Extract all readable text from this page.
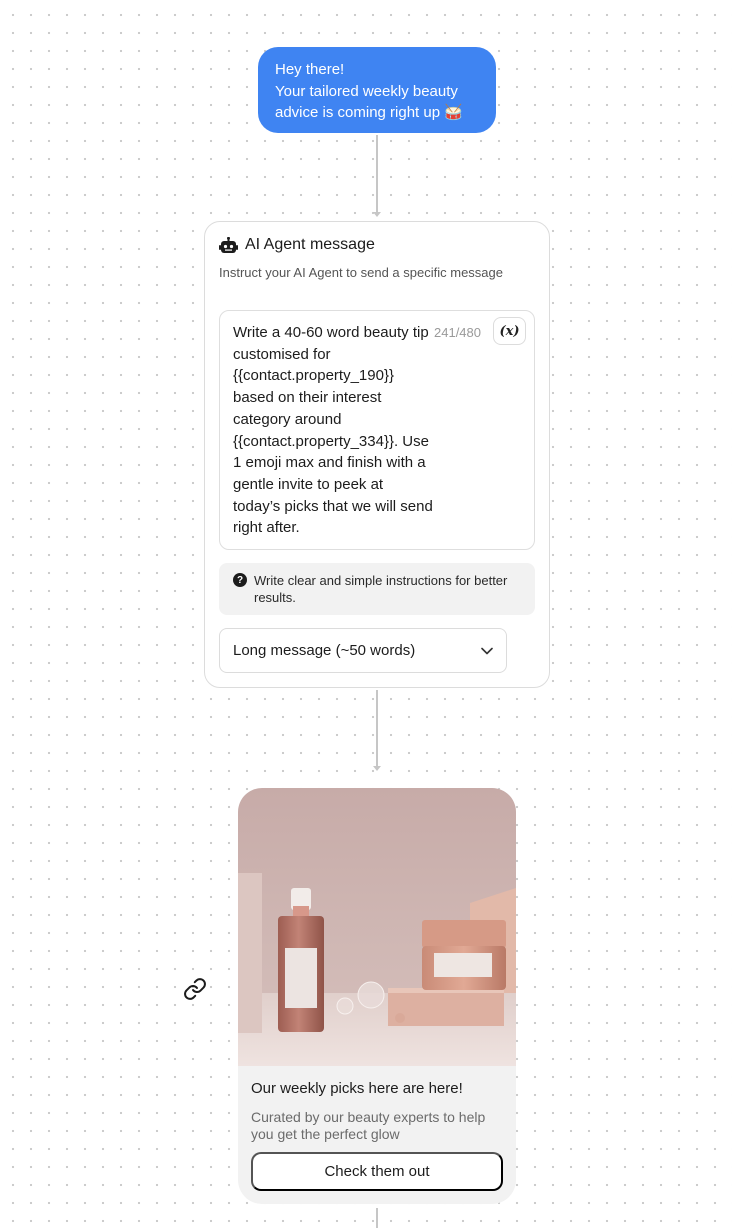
Hey there!
Your tailored weekly beauty
advice is coming right up 🥁
AI Agent message
Instruct your AI Agent to send a specific message
Write a 40-60 word beauty tip customised for {{contact.property_190}} based on their interest category around {{contact.property_334}}. Use 1 emoji max and finish with a gentle invite to peek at today’s picks that we will send right after.
241/480 (x)
? Write clear and simple instructions for better results.
Long message (~50 words)
Our weekly picks here are here!
Curated by our beauty experts to help you get the perfect glow
Check them out
